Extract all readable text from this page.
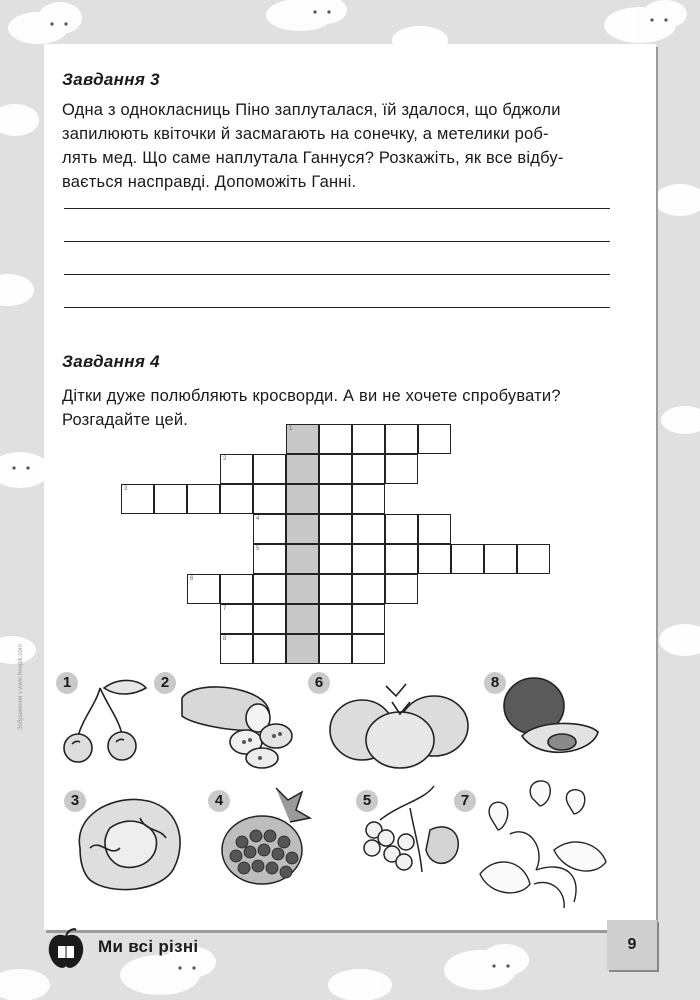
Завдання 3
Одна з однокласниць Піно заплуталася, їй здалося, що бджоли
запилюють квіточки й засмагають на сонечку, а метелики роб-
лять мед. Що саме наплутала Ганнуся? Розкажіть, як все відбу-
вається насправді. Допоможіть Ганні.
Завдання 4
Дітки дуже полюбляють кросворди. А ви не хочете спробувати?
Розгадайте цей.	1
2
3
4
5
6
7
8
Зображення з www.freepik.com	1	2	6	8
3	4	5	7
Ми всі різні	9
